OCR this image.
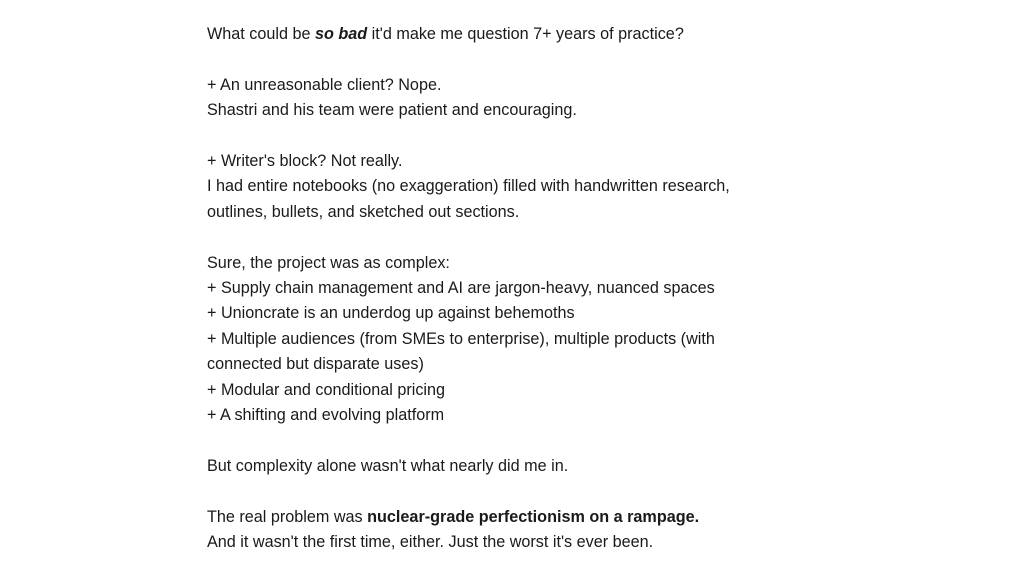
What could be so bad it'd make me question 7+ years of practice?

+ An unreasonable client? Nope.
Shastri and his team were patient and encouraging.
+ Writer's block? Not really.
I had entire notebooks (no exaggeration) filled with handwritten research,
outlines, bullets, and sketched out sections.
Sure, the project was as complex:
+ Supply chain management and AI are jargon-heavy, nuanced spaces
+ Unioncrate is an underdog up against behemoths
+ Multiple audiences (from SMEs to enterprise), multiple products (with
connected but disparate uses)
+ Modular and conditional pricing
+ A shifting and evolving platform
But complexity alone wasn't what nearly did me in.

The real problem was nuclear-grade perfectionism on a rampage.

And it wasn't the first time, either. Just the worst it's ever been.
